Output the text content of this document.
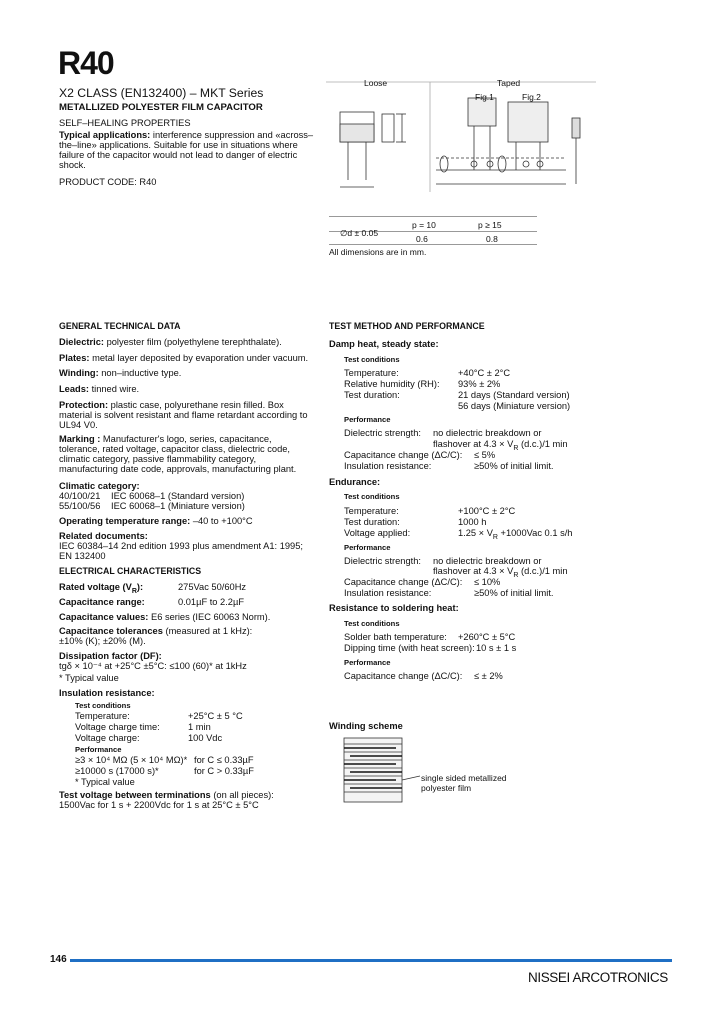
R40
X2 CLASS (EN132400) – MKT Series
METALLIZED POLYESTER FILM CAPACITOR
SELF–HEALING PROPERTIES
Typical applications: interference suppression and «across–the–line» applications. Suitable for use in situations where failure of the capacitor would not lead to danger of electric shock.
PRODUCT CODE: R40
Loose	Taped
Fig.1	Fig.2
p = 10	p ≥ 15
∅d ± 0.05
0.6	0.8
All dimensions are in mm.
GENERAL TECHNICAL DATA
Dielectric: polyester film (polyethylene terephthalate).
Plates: metal layer deposited by evaporation under vacuum.
Winding: non–inductive type.
Leads: tinned wire.
Protection: plastic case, polyurethane resin filled. Box material is solvent resistant and flame retardant according to UL94 V0.
Marking : Manufacturer's logo, series, capacitance, tolerance, rated voltage, capacitor class, dielectric code, climatic category, passive flammability category, manufacturing date code, approvals, manufacturing plant.
Climatic category:
40/100/21 IEC 60068–1 (Standard version)
55/100/56 IEC 60068–1 (Miniature version)
Operating temperature range: –40 to +100°C
Related documents:
IEC 60384–14 2nd edition 1993 plus amendment A1: 1995; EN 132400
ELECTRICAL CHARACTERISTICS
Rated voltage $(V_R)$:	275Vac 50/60Hz
Capacitance range:	0.01µF to 2.2µF
Capacitance values: E6 series (IEC 60063 Norm).
Capacitance tolerances (measured at 1 kHz):
±10% (K); ±20% (M).
Dissipation factor (DF):
tgδ × 10⁻⁴ at +25°C ±5°C: ≤100 (60)* at 1kHz
* Typical value
Insulation resistance:
Test conditions
Temperature:	+25°C ± 5 °C
Voltage charge time:	1 min
Voltage charge:	100 Vdc
Performance
≥3 × 10⁴ MΩ (5 × 10⁴ MΩ)* for C ≤ 0.33µF
≥10000 s (17000 s)*	for C > 0.33µF
* Typical value
Test voltage between terminations (on all pieces):
1500Vac for 1 s + 2200Vdc for 1 s at 25°C ± 5°C
TEST METHOD AND PERFORMANCE
Damp heat, steady state:
Test conditions
Temperature:	+40°C ± 2°C
Relative humidity (RH): 93% ± 2%
Test duration:	21 days (Standard version)
56 days (Miniature version)
Performance
Dielectric strength: no dielectric breakdown or
flashover at $4.3 \times V_R$ (d.c.)/1 min
Capacitance change (ΔC/C): ≤ 5%
Insulation resistance:	≥50% of initial limit.
Endurance:
Test conditions
Temperature:	+100°C ± 2°C
Test duration:	1000 h
Voltage applied:	$1.25 \times V_R +1000Vac$ 0.1 s/h
Performance
Dielectric strength: no dielectric breakdown or
flashover at $4.3 \times V_R$ (d.c.)/1 min
Capacitance change (ΔC/C): ≤ 10%
Insulation resistance:	≥50% of initial limit.
Resistance to soldering heat:
Test conditions
Solder bath temperature: +260°C ± 5°C
Dipping time (with heat screen): 10 s ± 1 s
Performance
Capacitance change (ΔC/C): ≤ ± 2%
Winding scheme
single sided metallized
polyester film
146
NISSEI ARCOTRONICS
